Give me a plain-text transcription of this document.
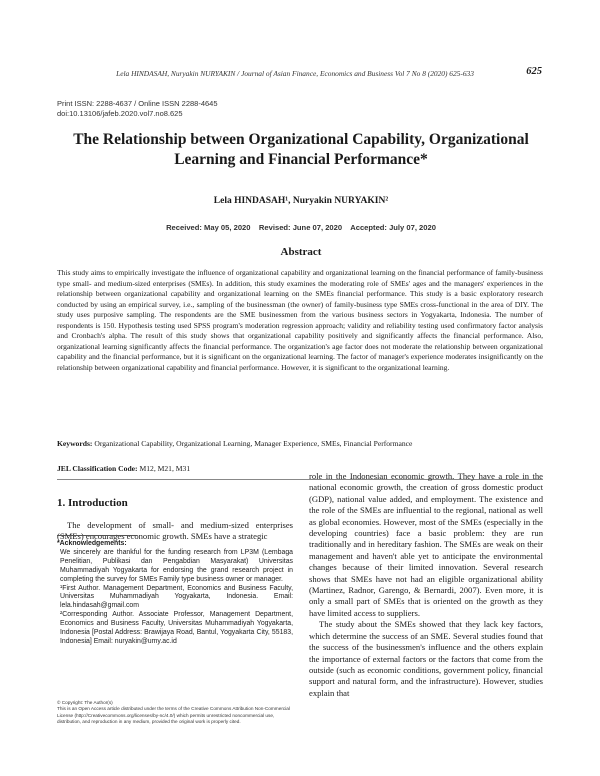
Lela HINDASAH, Nuryakin NURYAKIN / Journal of Asian Finance, Economics and Business Vol 7 No 8 (2020) 625-633	625
Print ISSN: 2288-4637 / Online ISSN 2288-4645
doi:10.13106/jafeb.2020.vol7.no8.625
The Relationship between Organizational Capability, Organizational Learning and Financial Performance*
Lela HINDASAH¹, Nuryakin NURYAKIN²
Received: May 05, 2020    Revised: June 07, 2020    Accepted: July 07, 2020
Abstract
This study aims to empirically investigate the influence of organizational capability and organizational learning on the financial performance of family-business type small- and medium-sized enterprises (SMEs). In addition, this study examines the moderating role of SMEs' ages and the managers' experiences in the relationship between organizational capability and organizational learning on the SMEs financial performance. This study is a basic exploratory research conducted by using an empirical survey, i.e., sampling of the businessman (the owner) of family-business type SMEs cross-functional in the area of DIY. The study uses purposive sampling. The respondents are the SME businessmen from the various business sectors in Yogyakarta, Indonesia. The number of respondents is 150. Hypothesis testing used SPSS program's moderation regression approach; validity and reliability testing used confirmatory factor analysis and Cronbach's alpha. The result of this study shows that organizational capability positively and significantly affects the financial performance. Also, organizational learning significantly affects the financial performance. The organization's age factor does not moderate the relationship between organizational capability and the financial performance, but it is significant on the organizational learning. The factor of manager's experience moderates insignificantly on the relationship between organizational capability and financial performance. However, it is significant to the organizational learning.
Keywords: Organizational Capability, Organizational Learning, Manager Experience, SMEs, Financial Performance
JEL Classification Code: M12, M21, M31
1. Introduction

The development of small- and medium-sized enterprises (SMEs) encourages economic growth. SMEs have a strategic

role in the Indonesian economic growth. They have a role in the national economic growth, the creation of gross domestic product (GDP), national value added, and employment. The existence and the role of the SMEs are influential to the regional, national as well as global economies. However, most of the SMEs (especially in the developing countries) face a basic problem: they are run traditionally and in hereditary fashion. The SMEs are weak on their management and haven't able yet to anticipate the environmental changes because of their limited innovation. Several research shows that SMEs have not had an eligible organizational ability (Martinez, Radnor, Garengo, & Bernardi, 2007). Even more, it is only a small part of SMEs that is oriented on the growth as they have limited access to suppliers.

The study about the SMEs showed that they lack key factors, which determine the success of an SME. Several studies found that the success of the businessmen's influence and the others explain the importance of external factors or the factors that come from the outside (such as economic conditions, government policy, financial support and natural form, and the infrastructure). However, studies explain that

*Acknowledgements:

We sincerely are thankful for the funding research from LP3M (Lembaga Penelitian, Publikasi dan Pengabdian Masyarakat) Universitas Muhammadiyah Yogyakarta for endorsing the grand research project in completing the survey for SMEs Family type business owner or manager.

¹First Author. Management Department, Economics and Business Faculty, Universitas Muhammadiyah Yogyakarta, Indonesia. Email: lela.hindasah@gmail.com

²Corresponding Author. Associate Professor, Management Department, Economics and Business Faculty, Universitas Muhammadiyah Yogyakarta, Indonesia [Postal Address: Brawijaya Road, Bantul, Yogyakarta City, 55183, Indonesia] Email: nuryakin@umy.ac.id

© Copyright: The Author(s)

This is an Open Access article distributed under the terms of the Creative Commons Attribution Non-Commercial License (http://Creativecommons.org/licenses/by-nc/4.0/) which permits unrestricted noncommercial use, distribution, and reproduction in any medium, provided the original work is properly cited.
